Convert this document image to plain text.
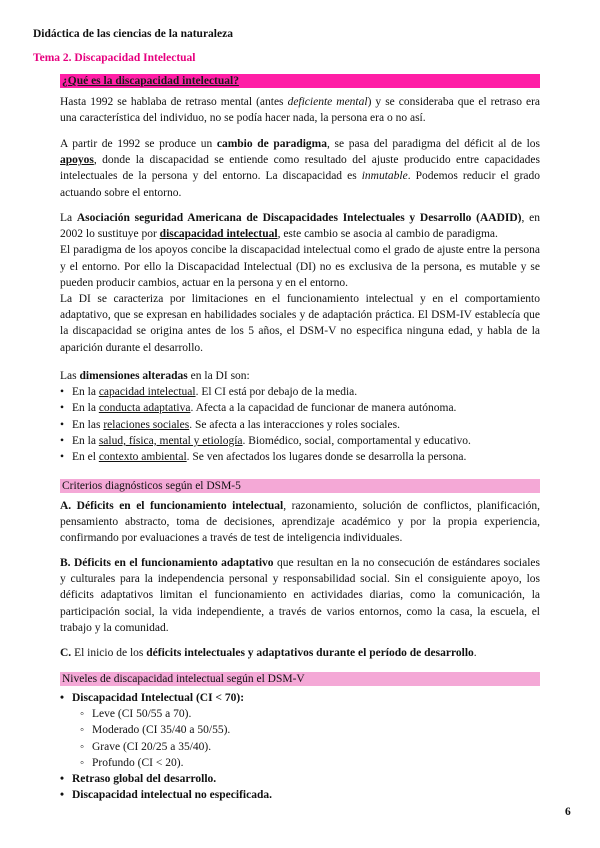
Didáctica de las ciencias de la naturaleza
Tema 2. Discapacidad Intelectual
¿Qué es la discapacidad intelectual?
Hasta 1992 se hablaba de retraso mental (antes deficiente mental) y se consideraba que el retraso era una característica del individuo, no se podía hacer nada, la persona era o no así.
A partir de 1992 se produce un cambio de paradigma, se pasa del paradigma del déficit al de los apoyos, donde la discapacidad se entiende como resultado del ajuste producido entre capacidades intelectuales de la persona y del entorno. La discapacidad es inmutable. Podemos reducir el grado actuando sobre el entorno.
La Asociación seguridad Americana de Discapacidades Intelectuales y Desarrollo (AADID), en 2002 lo sustituye por discapacidad intelectual, este cambio se asocia al cambio de paradigma.
El paradigma de los apoyos concibe la discapacidad intelectual como el grado de ajuste entre la persona y el entorno. Por ello la Discapacidad Intelectual (DI) no es exclusiva de la persona, es mutable y se pueden producir cambios, actuar en la persona y en el entorno.
La DI se caracteriza por limitaciones en el funcionamiento intelectual y en el comportamiento adaptativo, que se expresan en habilidades sociales y de adaptación práctica. El DSM-IV establecía que la discapacidad se origina antes de los 5 años, el DSM-V no especifica ninguna edad, y habla de la aparición durante el desarrollo.
Las dimensiones alteradas en la DI son:
• En la capacidad intelectual. El CI está por debajo de la media.
• En la conducta adaptativa. Afecta a la capacidad de funcionar de manera autónoma.
• En las relaciones sociales. Se afecta a las interacciones y roles sociales.
• En la salud, física, mental y etiología. Biomédico, social, comportamental y educativo.
• En el contexto ambiental. Se ven afectados los lugares donde se desarrolla la persona.
Criterios diagnósticos según el DSM-5
A. Déficits en el funcionamiento intelectual, razonamiento, solución de conflictos, planificación, pensamiento abstracto, toma de decisiones, aprendizaje académico y por la propia experiencia, confirmando por evaluaciones a través de test de inteligencia individuales.
B. Déficits en el funcionamiento adaptativo que resultan en la no consecución de estándares sociales y culturales para la independencia personal y responsabilidad social. Sin el consiguiente apoyo, los déficits adaptativos limitan el funcionamiento en actividades diarias, como la comunicación, la participación social, la vida independiente, a través de varios entornos, como la casa, la escuela, el trabajo y la comunidad.
C. El inicio de los déficits intelectuales y adaptativos durante el período de desarrollo.
Niveles de discapacidad intelectual según el DSM-V
• Discapacidad Intelectual (CI < 70):
◦ Leve (CI 50/55 a 70).
◦ Moderado (CI 35/40 a 50/55).
◦ Grave (CI 20/25 a 35/40).
◦ Profundo (CI < 20).
• Retraso global del desarrollo.
• Discapacidad intelectual no especificada.
6
